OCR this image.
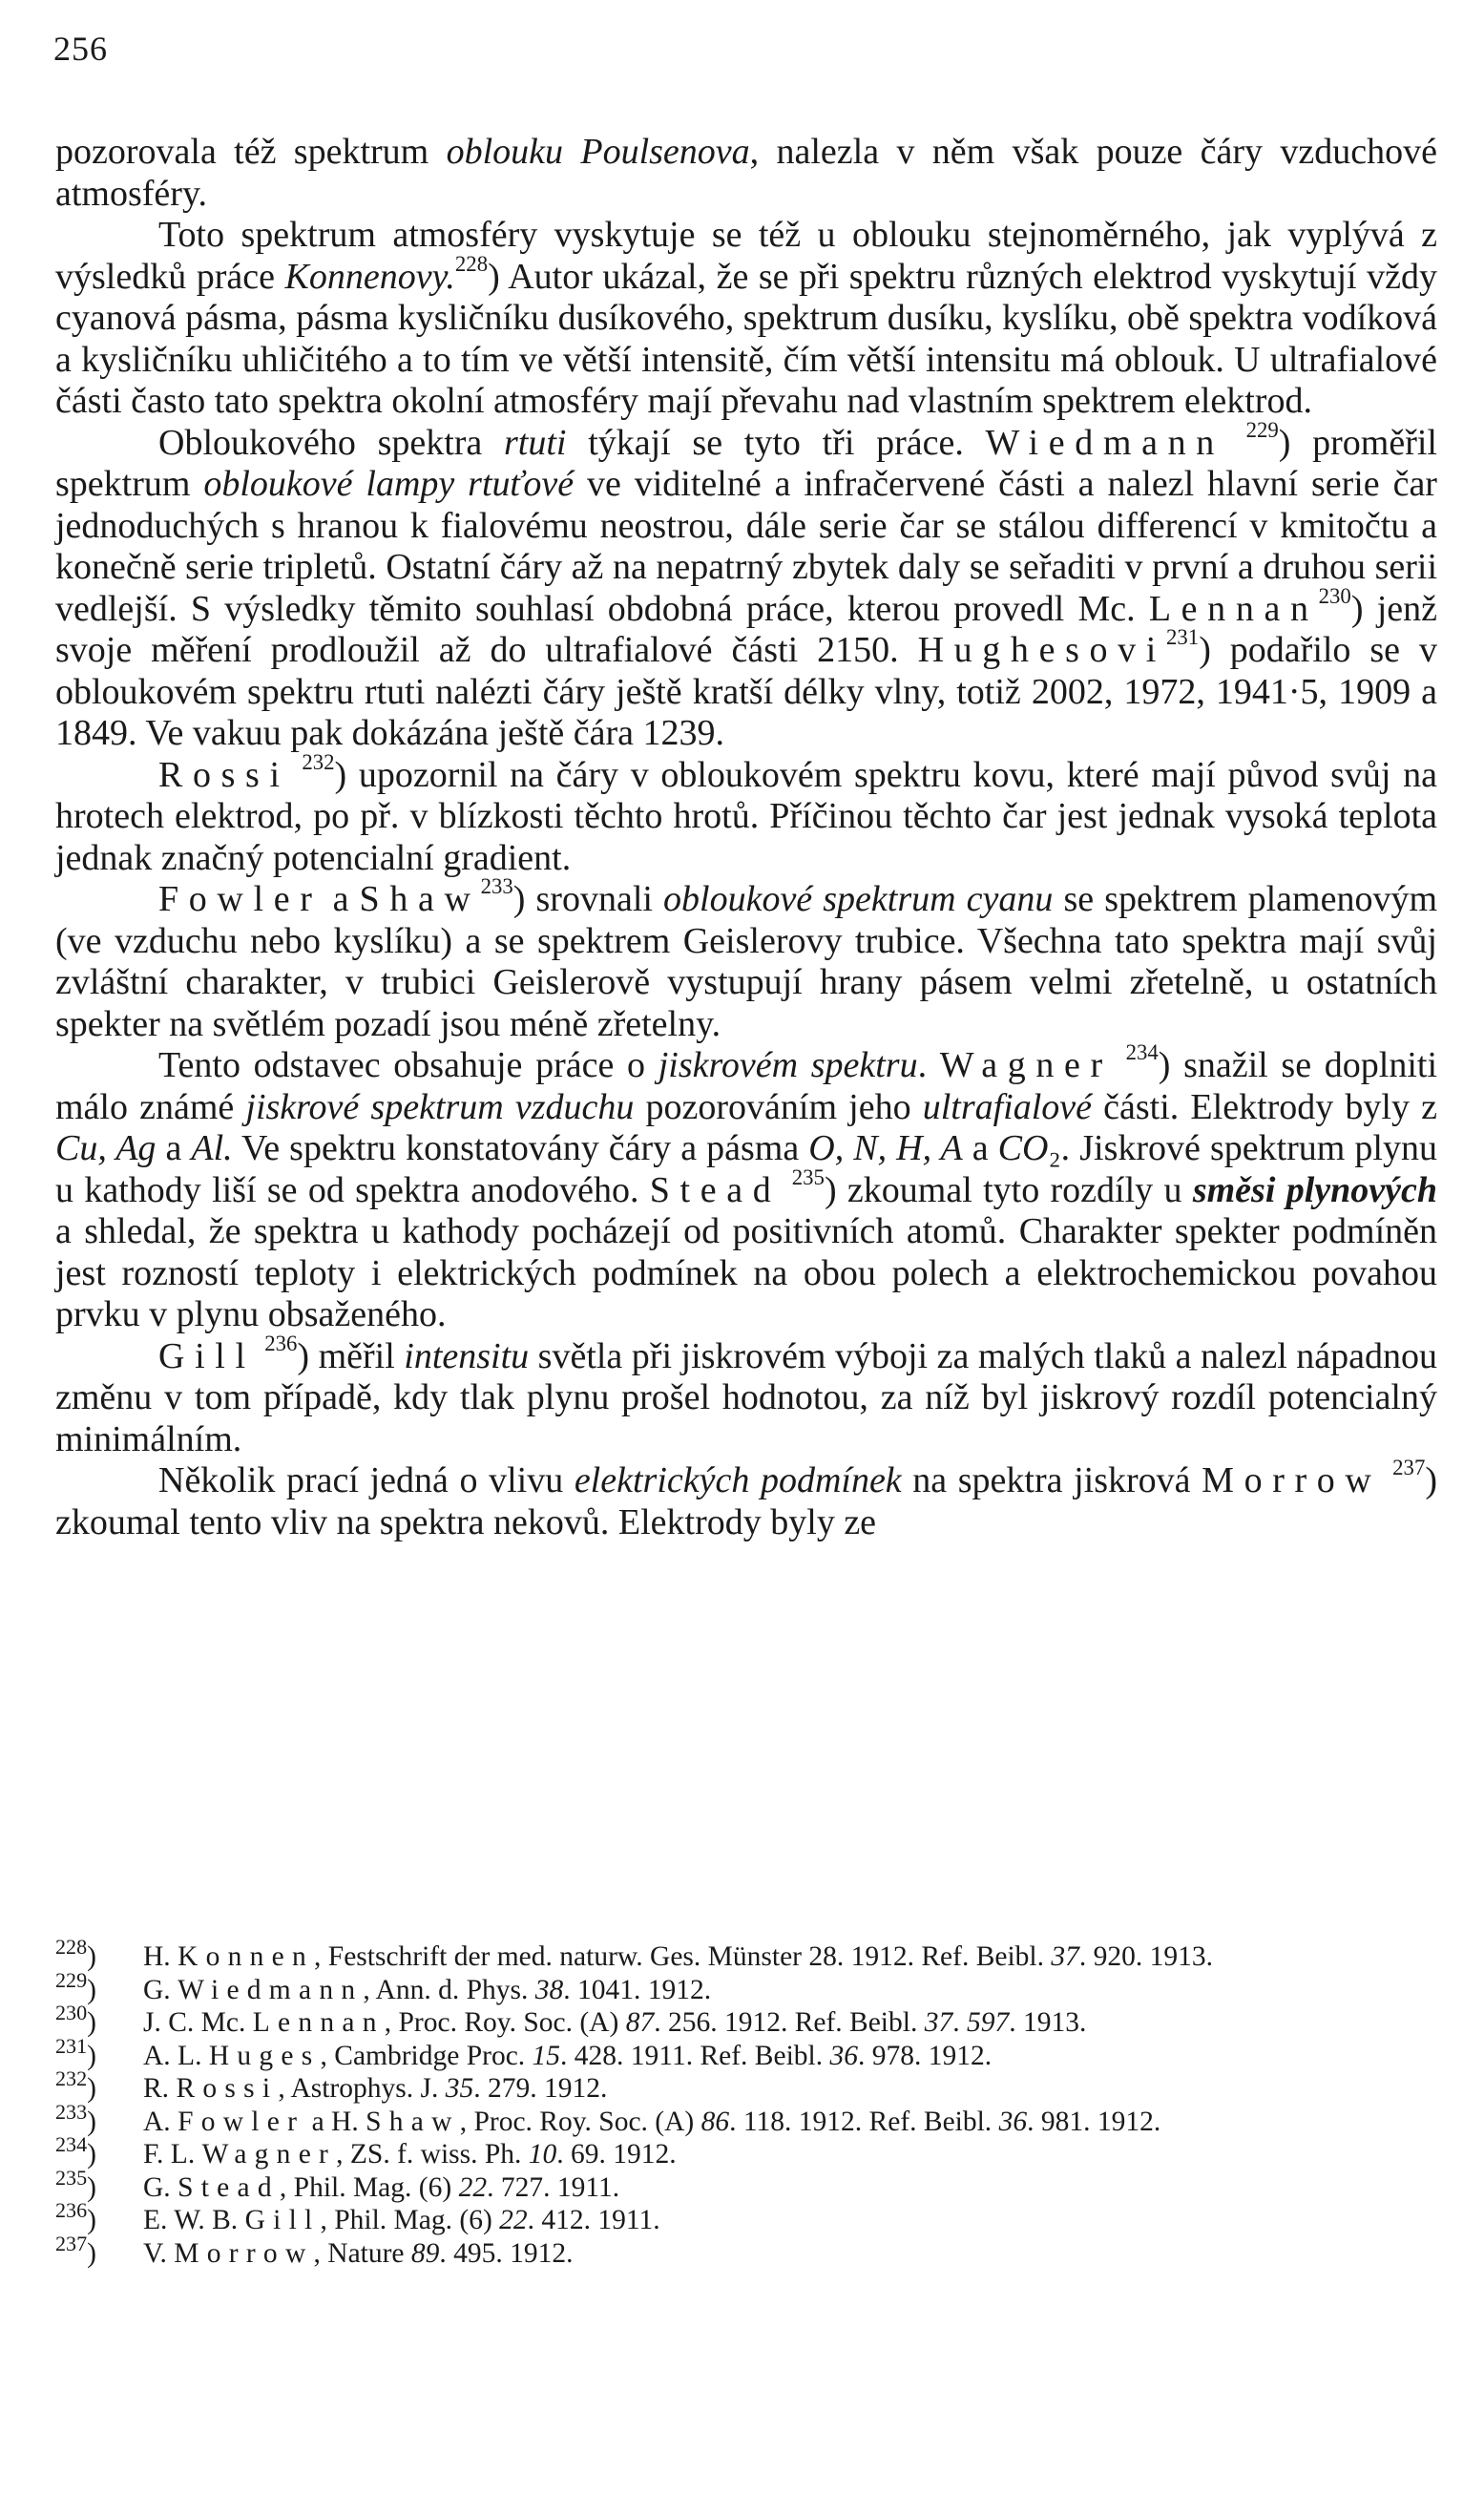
256

pozorovala též spektrum oblouku Poulsenova, nalezla v něm však pouze čáry vzduchové atmosféry.

Toto spektrum atmosféry vyskytuje se též u oblouku stejnoměrného, jak vyplývá z výsledků práce Konnenovy.$^{228}$) Autor ukázal, že se při spektru různých elektrod vyskytují vždy cyanová pásma, pásma kysličníku dusíkového, spektrum dusíku, kyslíku, obě spektra vodíková a kysličníku uhličitého a to tím ve větší intensitě, čím větší intensitu má oblouk. U ultrafialové části často tato spektra okolní atmosféry mají převahu nad vlastním spektrem elektrod.

Obloukového spektra rtuti týkají se tyto tři práce. Wiedmann $^{229}$) proměřil spektrum obloukové lampy rtuťové ve viditelné a infračervené části a nalezl hlavní serie čar jednoduchých s hranou k fialovému neostrou, dále serie čar se stálou differencí v kmitočtu a konečně serie tripletů. Ostatní čáry až na nepatrný zbytek daly se seřaditi v první a druhou serii vedlejší. S výsledky těmito souhlasí obdobná práce, kterou provedl Mc. Lennan$^{230}$) jenž svoje měření prodloužil až do ultrafialové části 2150. Hughesovi$^{231}$) podařilo se v obloukovém spektru rtuti nalézti čáry ještě kratší délky vlny, totiž 2002, 1972, 1941·5, 1909 a 1849. Ve vakuu pak dokázána ještě čára 1239.

Rossi $^{232}$) upozornil na čáry v obloukovém spektru kovu, které mají původ svůj na hrotech elektrod, po př. v blízkosti těchto hrotů. Příčinou těchto čar jest jednak vysoká teplota jednak značný potencialní gradient.

Fowler a Shaw$^{233}$) srovnali obloukové spektrum cyanu se spektrem plamenovým (ve vzduchu nebo kyslíku) a se spektrem Geislerovy trubice. Všechna tato spektra mají svůj zvláštní charakter, v trubici Geislerově vystupují hrany pásem velmi zřetelně, u ostatních spekter na světlém pozadí jsou méně zřetelny.

Tento odstavec obsahuje práce o jiskrovém spektru. Wagner $^{234}$) snažil se doplniti málo známé jiskrové spektrum vzduchu pozorováním jeho ultrafialové části. Elektrody byly z Cu, Ag a Al. Ve spektru konstatovány čáry a pásma O, N, H, A a CO₂. Jiskrové spektrum plynu u kathody liší se od spektra anodového. Stead $^{235}$) zkoumal tyto rozdíly u směsi plynových a shledal, že spektra u kathody pocházejí od positivních atomů. Charakter spekter podmíněn jest rozností teploty i elektrických podmínek na obou polech a elektrochemickou povahou prvku v plynu obsaženého.

Gill $^{236}$) měřil intensitu světla při jiskrovém výboji za malých tlaků a nalezl nápadnou změnu v tom případě, kdy tlak plynu prošel hodnotou, za níž byl jiskrový rozdíl potencialný minimálním.

Několik prací jedná o vlivu elektrických podmínek na spektra jiskrová Morrow $^{237}$) zkoumal tento vliv na spektra nekovů. Elektrody byly ze

$^{228}$) H. Konnen, Festschrift der med. naturw. Ges. Münster 28. 1912. Ref. Beibl. 37. 920. 1913.

$^{229}$) G. Wiedmann, Ann. d. Phys. 38. 1041. 1912.

$^{230}$) J. C. Mc. Lennan, Proc. Roy. Soc. (A) 87. 256. 1912. Ref. Beibl. 37. 597. 1913.

$^{231}$) A. L. Huges, Cambridge Proc. 15. 428. 1911. Ref. Beibl. 36. 978. 1912.

$^{232}$) R. Rossi, Astrophys. J. 35. 279. 1912.

$^{233}$) A. Fowler a H. Shaw, Proc. Roy. Soc. (A) 86. 118. 1912. Ref. Beibl. 36. 981. 1912.

$^{234}$) F. L. Wagner, ZS. f. wiss. Ph. 10. 69. 1912.

$^{235}$) G. Stead, Phil. Mag. (6) 22. 727. 1911.

$^{236}$) E. W. B. Gill, Phil. Mag. (6) 22. 412. 1911.

$^{237}$) V. Morrow, Nature 89. 495. 1912.
